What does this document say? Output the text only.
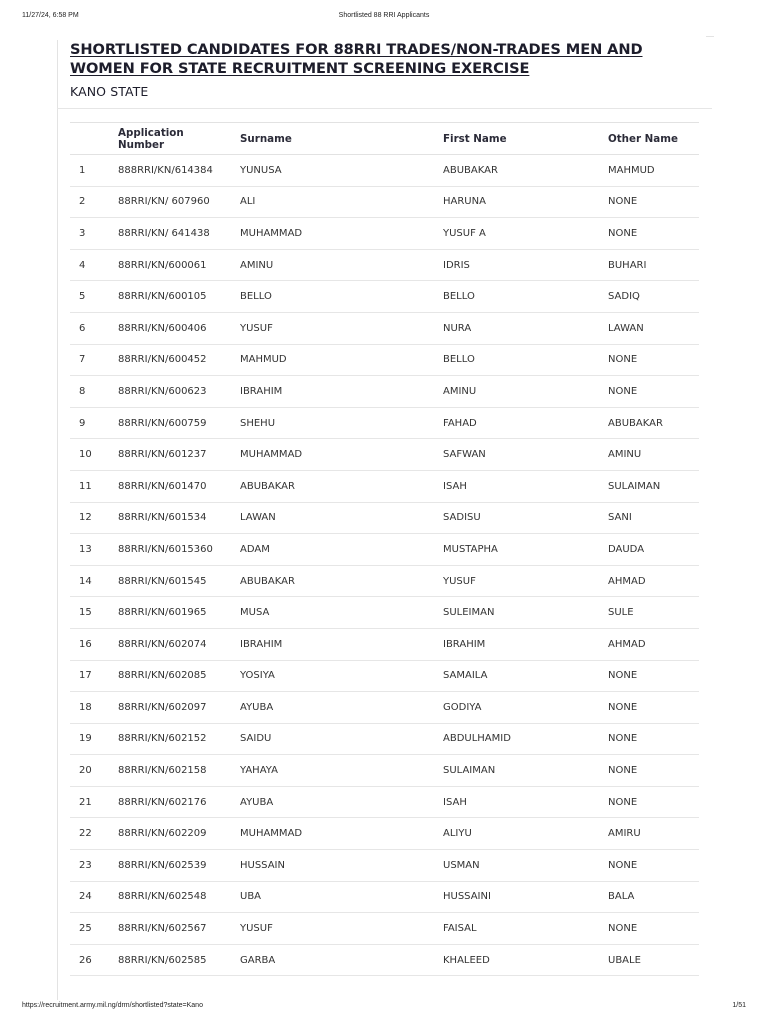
11/27/24, 6:58 PM	Shortlisted 88 RRI Applicants
SHORTLISTED CANDIDATES FOR 88RRI TRADES/NON-TRADES MEN AND WOMEN FOR STATE RECRUITMENT SCREENING EXERCISE
KANO STATE
	Application Number	Surname	First Name	Other Name
1	888RRI/KN/614384	YUNUSA	ABUBAKAR	MAHMUD
2	88RRI/KN/ 607960	ALI	HARUNA	NONE
3	88RRI/KN/ 641438	MUHAMMAD	YUSUF A	NONE
4	88RRI/KN/600061	AMINU	IDRIS	BUHARI
5	88RRI/KN/600105	BELLO	BELLO	SADIQ
6	88RRI/KN/600406	YUSUF	NURA	LAWAN
7	88RRI/KN/600452	MAHMUD	BELLO	NONE
8	88RRI/KN/600623	IBRAHIM	AMINU	NONE
9	88RRI/KN/600759	SHEHU	FAHAD	ABUBAKAR
10	88RRI/KN/601237	MUHAMMAD	SAFWAN	AMINU
11	88RRI/KN/601470	ABUBAKAR	ISAH	SULAIMAN
12	88RRI/KN/601534	LAWAN	SADISU	SANI
13	88RRI/KN/6015360	ADAM	MUSTAPHA	DAUDA
14	88RRI/KN/601545	ABUBAKAR	YUSUF	AHMAD
15	88RRI/KN/601965	MUSA	SULEIMAN	SULE
16	88RRI/KN/602074	IBRAHIM	IBRAHIM	AHMAD
17	88RRI/KN/602085	YOSIYA	SAMAILA	NONE
18	88RRI/KN/602097	AYUBA	GODIYA	NONE
19	88RRI/KN/602152	SAIDU	ABDULHAMID	NONE
20	88RRI/KN/602158	YAHAYA	SULAIMAN	NONE
21	88RRI/KN/602176	AYUBA	ISAH	NONE
22	88RRI/KN/602209	MUHAMMAD	ALIYU	AMIRU
23	88RRI/KN/602539	HUSSAIN	USMAN	NONE
24	88RRI/KN/602548	UBA	HUSSAINI	BALA
25	88RRI/KN/602567	YUSUF	FAISAL	NONE
26	88RRI/KN/602585	GARBA	KHALEED	UBALE
https://recruitment.army.mil.ng/drm/shortlisted?state=Kano	1/51
